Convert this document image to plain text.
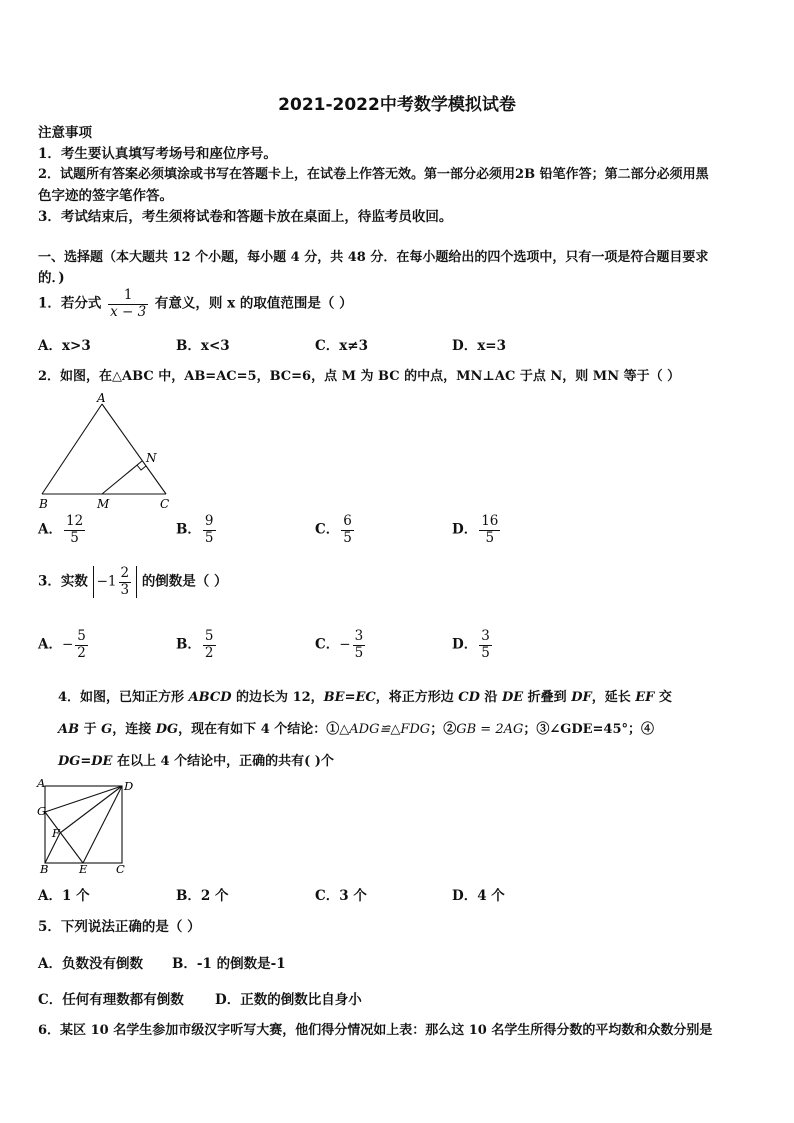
2021-2022中考数学模拟试卷
注意事项
1．考生要认真填写考场号和座位序号。
2．试题所有答案必须填涂或书写在答题卡上，在试卷上作答无效。第一部分必须用2B 铅笔作答；第二部分必须用黑
色字迹的签字笔作答。
3．考试结束后，考生须将试卷和答题卡放在桌面上，待监考员收回。
一、选择题（本大题共 12 个小题，每小题 4 分，共 48 分．在每小题给出的四个选项中，只有一项是符合题目要求
的．)
1．若分式 $\frac{1}{x - 3}$ 有意义，则 x 的取值范围是（ ）
A．x>3	B．x<3	C．x≠3	D．x=3
2．如图，在△ABC 中，AB=AC=5，BC=6，点 M 为 BC 的中点，MN⊥AC 于点 N，则 MN 等于（ ）
A
B	C
M
N
A． $\frac{12}{5}$	B． $\frac{9}{5}$	C． $\frac{6}{5}$	D． $\frac{16}{5}$
3．实数 $-1 \frac{2}{3}$ 的倒数是（ ）
A．− $\frac{5}{2}$	B． $\frac{5}{2}$	C．− $\frac{3}{5}$	D． $\frac{3}{5}$
4．如图，已知正方形 ABCD 的边长为 12，BE=EC，将正方形边 CD 沿 DE 折叠到 DF，延长 EF 交
AB 于 G，连接 DG，现在有如下 4 个结论：①△ADG≌△FDG；②GB = 2AG；③∠GDE=45°；④
DG=DE 在以上 4 个结论中，正确的共有( )个
A	D
G
F
B	E C
A．1 个	B．2 个	C．3 个	D．4 个
5．下列说法正确的是（ ）
A．负数没有倒数 B．-1 的倒数是-1
C．任何有理数都有倒数 D．正数的倒数比自身小
6．某区 10 名学生参加市级汉字听写大赛，他们得分情况如上表：那么这 10 名学生所得分数的平均数和众数分别是
